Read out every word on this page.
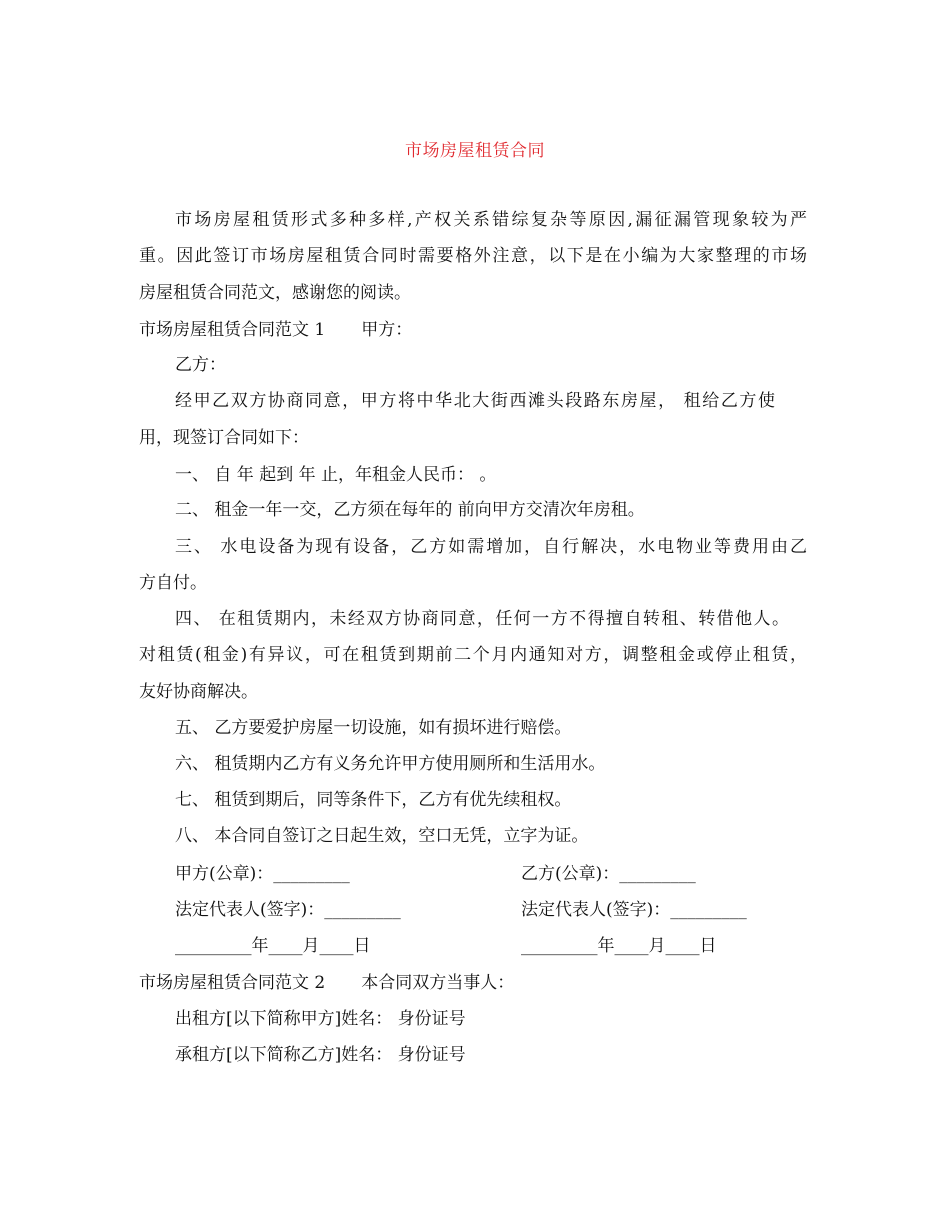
市场房屋租赁合同
市场房屋租赁形式多种多样,产权关系错综复杂等原因,漏征漏管现象较为严
重。因此签订市场房屋租赁合同时需要格外注意，以下是在小编为大家整理的市场
房屋租赁合同范文，感谢您的阅读。
市场房屋租赁合同范文 1 甲方：
乙方：
经甲乙双方协商同意，甲方将中华北大街西滩头段路东房屋， 租给乙方使
用，现签订合同如下：
一、 自 年 起到 年 止，年租金人民币： 。
二、 租金一年一交，乙方须在每年的 前向甲方交清次年房租。
三、 水电设备为现有设备，乙方如需增加，自行解决，水电物业等费用由乙
方自付。
四、 在租赁期内，未经双方协商同意，任何一方不得擅自转租、转借他人。
对租赁(租金)有异议，可在租赁到期前二个月内通知对方，调整租金或停止租赁，
友好协商解决。
五、 乙方要爱护房屋一切设施，如有损坏进行赔偿。
六、 租赁期内乙方有义务允许甲方使用厕所和生活用水。
七、 租赁到期后，同等条件下，乙方有优先续租权。
八、 本合同自签订之日起生效，空口无凭，立字为证。
甲方(公章)：_________	乙方(公章)：_________
法定代表人(签字)：_________	法定代表人(签字)：_________
_________年____月____日	_________年____月____日
市场房屋租赁合同范文 2 本合同双方当事人：
出租方[以下简称甲方]姓名： 身份证号
承租方[以下简称乙方]姓名： 身份证号
